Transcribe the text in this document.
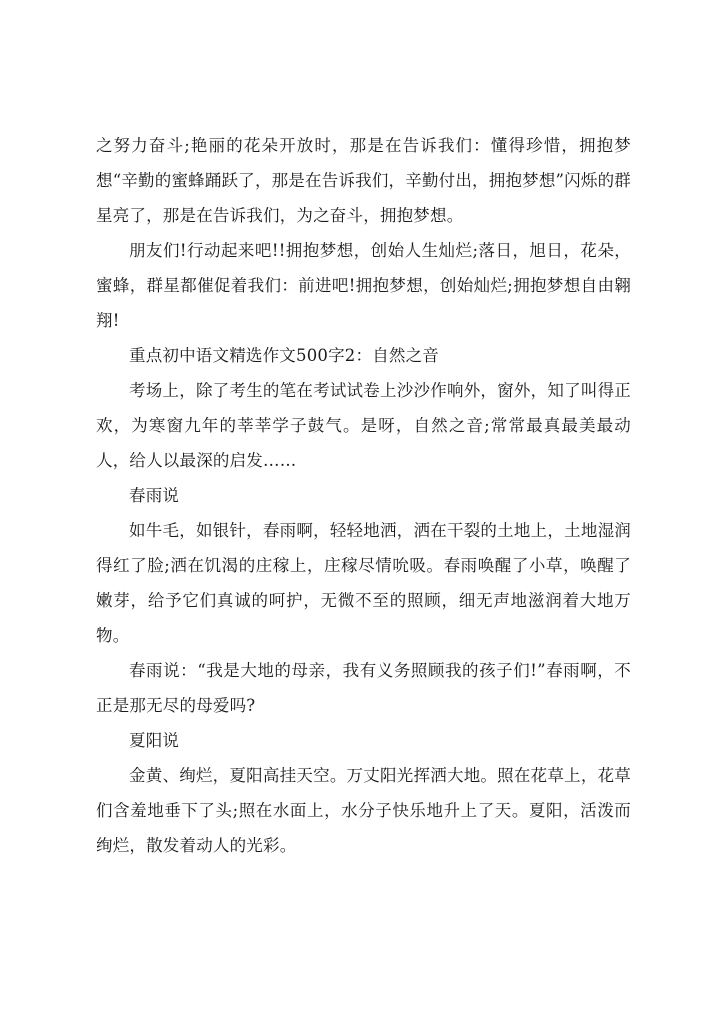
之努力奋斗;艳丽的花朵开放时，那是在告诉我们：懂得珍惜，拥抱梦想“辛勤的蜜蜂踊跃了，那是在告诉我们，辛勤付出，拥抱梦想”闪烁的群星亮了，那是在告诉我们，为之奋斗，拥抱梦想。

朋友们!行动起来吧!!拥抱梦想，创始人生灿烂;落日，旭日，花朵，蜜蜂，群星都催促着我们：前进吧!拥抱梦想，创始灿烂;拥抱梦想自由翱翔!

重点初中语文精选作文500字2：自然之音

考场上，除了考生的笔在考试试卷上沙沙作响外，窗外，知了叫得正欢，为寒窗九年的莘莘学子鼓气。是呀，自然之音;常常最真最美最动人，给人以最深的启发……

春雨说

如牛毛，如银针，春雨啊，轻轻地洒，洒在干裂的土地上，土地湿润得红了脸;洒在饥渴的庄稼上，庄稼尽情吮吸。春雨唤醒了小草，唤醒了嫩芽，给予它们真诚的呵护，无微不至的照顾，细无声地滋润着大地万物。

春雨说：“我是大地的母亲，我有义务照顾我的孩子们!”春雨啊，不正是那无尽的母爱吗?

夏阳说

金黄、绚烂，夏阳高挂天空。万丈阳光挥洒大地。照在花草上，花草们含羞地垂下了头;照在水面上，水分子快乐地升上了天。夏阳，活泼而绚烂，散发着动人的光彩。
